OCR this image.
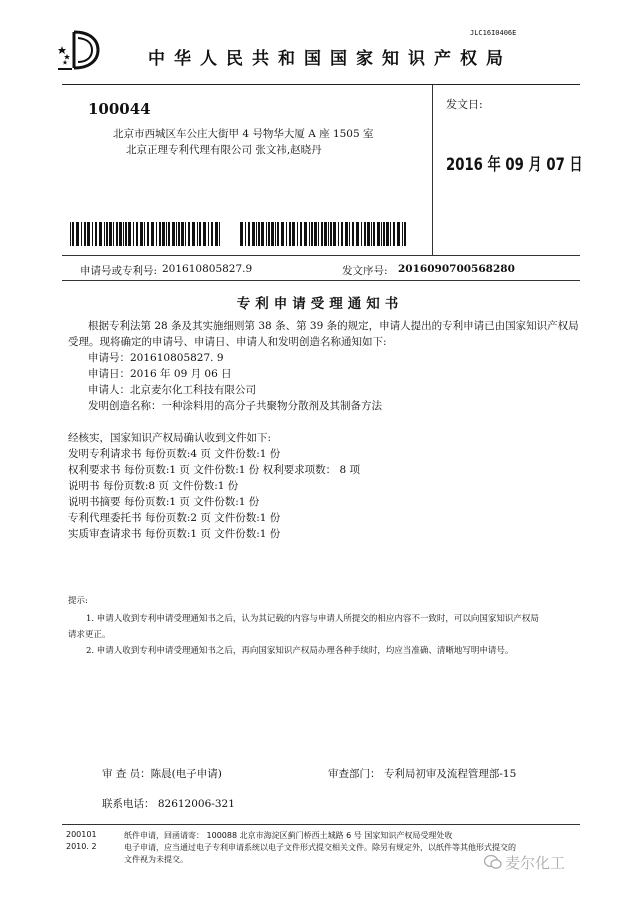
JLC16I0406E
中华人民共和国国家知识产权局
100044
北京市西城区车公庄大街甲 4 号物华大厦 A 座 1505 室
北京正理专利代理有限公司 张文祎,赵晓丹
发文日:
2016 年 09 月 07 日
申请号或专利号: 201610805827.9	发文序号: 2016090700568280
专利申请受理通知书
根据专利法第 28 条及其实施细则第 38 条、第 39 条的规定，申请人提出的专利申请已由国家知识产权局
受理。现将确定的申请号、申请日、申请人和发明创造名称通知如下:
申请号：201610805827. 9
申请日：2016 年 09 月 06 日
申请人：北京麦尔化工科技有限公司
发明创造名称：一种涂料用的高分子共聚物分散剂及其制备方法
经核实，国家知识产权局确认收到文件如下:
发明专利请求书 每份页数:4 页 文件份数:1 份
权利要求书 每份页数:1 页 文件份数:1 份 权利要求项数： 8 项
说明书 每份页数:8 页 文件份数:1 份
说明书摘要 每份页数:1 页 文件份数:1 份
专利代理委托书 每份页数:2 页 文件份数:1 份
实质审查请求书 每份页数:1 页 文件份数:1 份
提示:
1. 申请人收到专利申请受理通知书之后，认为其记载的内容与申请人所提交的相应内容不一致时，可以向国家知识产权局
请求更正。
2. 申请人收到专利申请受理通知书之后，再向国家知识产权局办理各种手续时，均应当准确、清晰地写明申请号。
审 查 员：陈晨(电子申请)	审查部门： 专利局初审及流程管理部-15
联系电话： 82612006-321
200101
2010. 2
纸件申请，回函请寄： 100088 北京市海淀区蓟门桥西土城路 6 号 国家知识产权局受理处收
电子申请，应当通过电子专利申请系统以电子文件形式提交相关文件。除另有规定外，以纸件等其他形式提交的
文件视为未提交。	麦尔化工
